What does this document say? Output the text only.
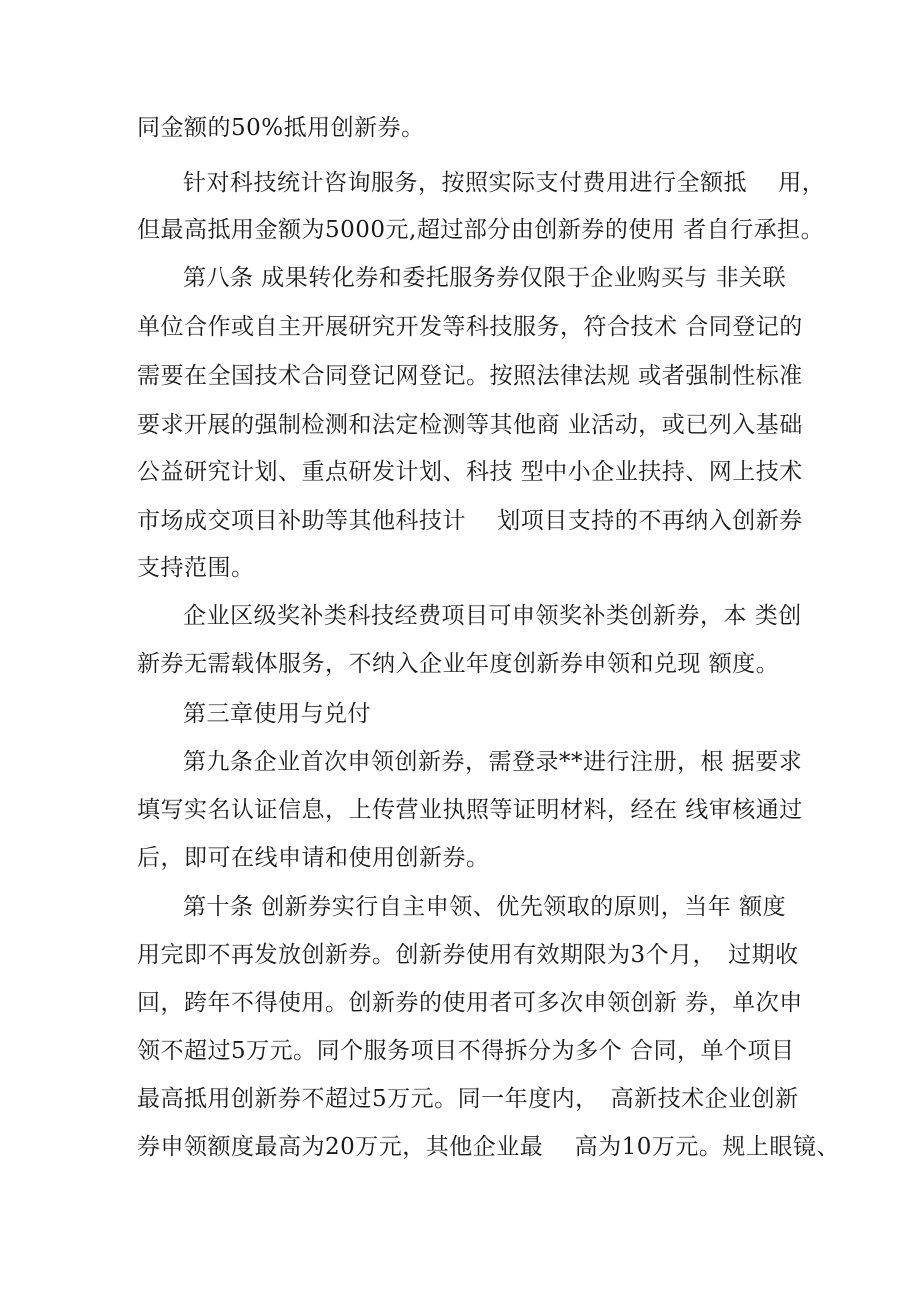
同金额的50%抵用创新券。
针对科技统计咨询服务，按照实际支付费用进行全额抵　 用，
但最高抵用金额为5000元,超过部分由创新券的使用 者自行承担。
第八条 成果转化券和委托服务券仅限于企业购买与 非关联
单位合作或自主开展研究开发等科技服务，符合技术 合同登记的
需要在全国技术合同登记网登记。按照法律法规 或者强制性标准
要求开展的强制检测和法定检测等其他商 业活动，或已列入基础
公益研究计划、重点研发计划、科技 型中小企业扶持、网上技术
市场成交项目补助等其他科技计　 划项目支持的不再纳入创新券
支持范围。
企业区级奖补类科技经费项目可申领奖补类创新券，本 类创
新券无需载体服务，不纳入企业年度创新券申领和兑现 额度。
第三章使用与兑付
第九条企业首次申领创新券，需登录**进行注册，根 据要求
填写实名认证信息，上传营业执照等证明材料，经在 线审核通过
后，即可在线申请和使用创新券。
第十条 创新券实行自主申领、优先领取的原则，当年 额度
用完即不再发放创新券。创新券使用有效期限为3个月，　过期收
回，跨年不得使用。创新券的使用者可多次申领创新 券，单次申
领不超过5万元。同个服务项目不得拆分为多个 合同，单个项目
最高抵用创新券不超过5万元。同一年度内，　高新技术企业创新
券申领额度最高为20万元，其他企业最　 高为10万元。规上眼镜、
